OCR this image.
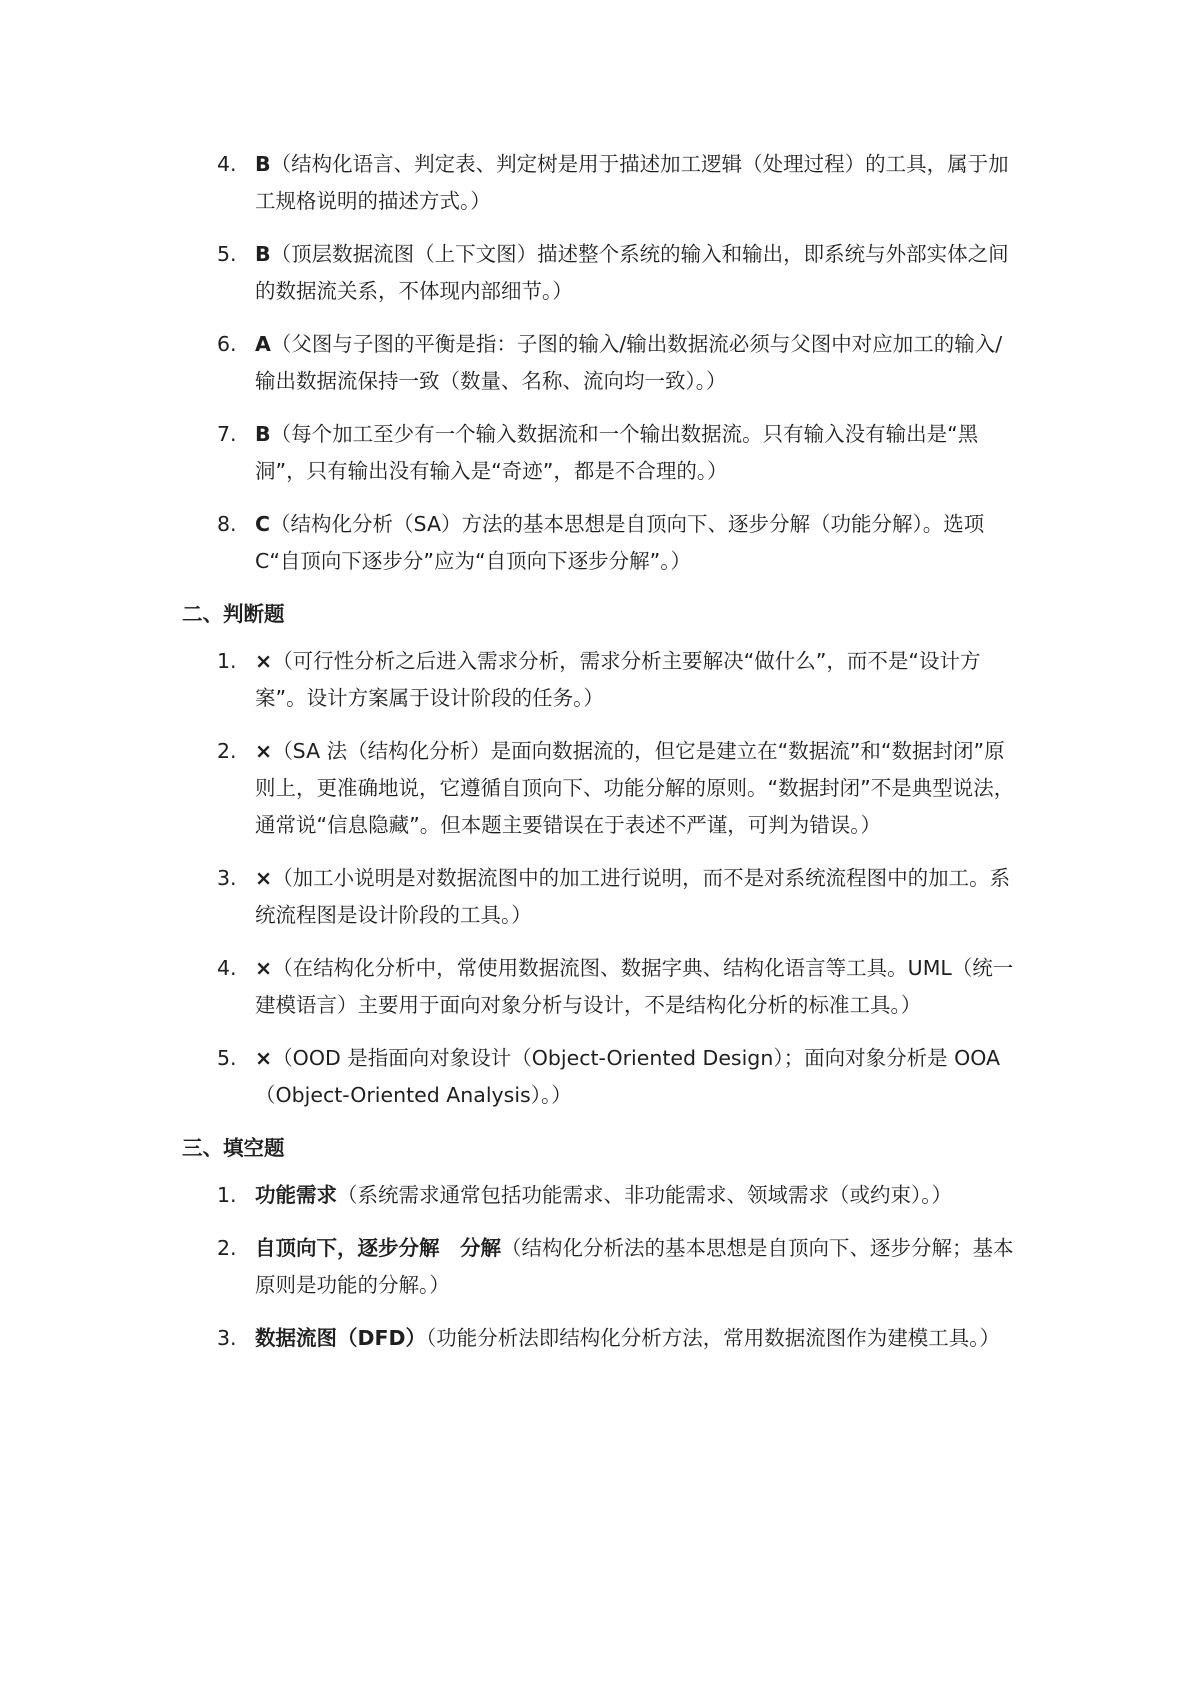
4. B（结构化语言、判定表、判定树是用于描述加工逻辑（处理过程）的工具，属于加工规格说明的描述方式。）
5. B（顶层数据流图（上下文图）描述整个系统的输入和输出，即系统与外部实体之间的数据流关系，不体现内部细节。）
6. A（父图与子图的平衡是指：子图的输入/输出数据流必须与父图中对应加工的输入/输出数据流保持一致（数量、名称、流向均一致）。）
7. B（每个加工至少有一个输入数据流和一个输出数据流。只有输入没有输出是“黑洞”，只有输出没有输入是“奇迹”，都是不合理的。）
8. C（结构化分析（SA）方法的基本思想是自顶向下、逐步分解（功能分解）。选项 C“自顶向下逐步分”应为“自顶向下逐步分解”。）
二、判断题
1. ×（可行性分析之后进入需求分析，需求分析主要解决“做什么”，而不是“设计方案”。设计方案属于设计阶段的任务。）
2. ×（SA 法（结构化分析）是面向数据流的，但它是建立在“数据流”和“数据封闭”原则上，更准确地说，它遵循自顶向下、功能分解的原则。“数据封闭”不是典型说法，通常说“信息隐藏”。但本题主要错误在于表述不严谨，可判为错误。）
3. ×（加工小说明是对数据流图中的加工进行说明，而不是对系统流程图中的加工。系统流程图是设计阶段的工具。）
4. ×（在结构化分析中，常使用数据流图、数据字典、结构化语言等工具。UML（统一建模语言）主要用于面向对象分析与设计，不是结构化分析的标准工具。）
5. ×（OOD 是指面向对象设计（Object-Oriented Design）；面向对象分析是 OOA（Object-Oriented Analysis）。）
三、填空题
1. 功能需求（系统需求通常包括功能需求、非功能需求、领域需求（或约束）。）
2. 自顶向下，逐步分解　分解（结构化分析法的基本思想是自顶向下、逐步分解；基本原则是功能的分解。）
3. 数据流图（DFD）（功能分析法即结构化分析方法，常用数据流图作为建模工具。）
